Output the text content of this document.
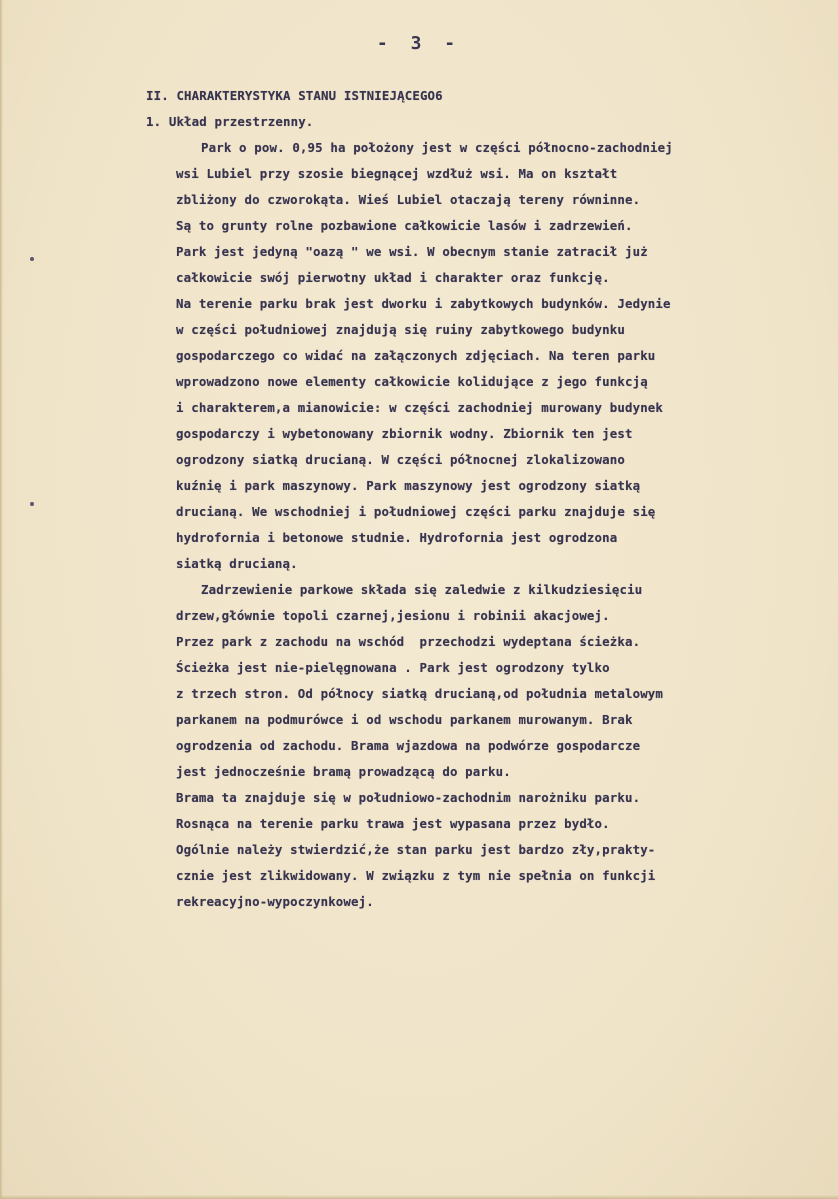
- 3 -

II. CHARAKTERYSTYKA STANU ISTNIEJĄCEGO6

1. Układ przestrzenny.

Park o pow. 0,95 ha położony jest w części północno-zachodniej

wsi Lubiel przy szosie biegnącej wzdłuż wsi. Ma on kształt

zbliżony do czworokąta. Wieś Lubiel otaczają tereny równinne.

Są to grunty rolne pozbawione całkowicie lasów i zadrzewień.

Park jest jedyną "oazą " we wsi. W obecnym stanie zatracił już

całkowicie swój pierwotny układ i charakter oraz funkcję.

Na terenie parku brak jest dworku i zabytkowych budynków. Jedynie

w części południowej znajdują się ruiny zabytkowego budynku

gospodarczego co widać na załączonych zdjęciach. Na teren parku

wprowadzono nowe elementy całkowicie kolidujące z jego funkcją

i charakterem,a mianowicie: w części zachodniej murowany budynek

gospodarczy i wybetonowany zbiornik wodny. Zbiornik ten jest

ogrodzony siatką drucianą. W części północnej zlokalizowano

kuźnię i park maszynowy. Park maszynowy jest ogrodzony siatką

drucianą. We wschodniej i południowej części parku znajduje się

hydrofornia i betonowe studnie. Hydrofornia jest ogrodzona

siatką drucianą.

Zadrzewienie parkowe składa się zaledwie z kilkudziesięciu

drzew,głównie topoli czarnej,jesionu i robinii akacjowej.

Przez park z zachodu na wschód  przechodzi wydeptana ścieżka.

Ścieżka jest nie-pielęgnowana . Park jest ogrodzony tylko

z trzech stron. Od północy siatką drucianą,od południa metalowym

parkanem na podmurówce i od wschodu parkanem murowanym. Brak

ogrodzenia od zachodu. Brama wjazdowa na podwórze gospodarcze

jest jednocześnie bramą prowadzącą do parku.

Brama ta znajduje się w południowo-zachodnim narożniku parku.

Rosnąca na terenie parku trawa jest wypasana przez bydło.

Ogólnie należy stwierdzić,że stan parku jest bardzo zły,prakty-

cznie jest zlikwidowany. W związku z tym nie spełnia on funkcji

rekreacyjno-wypoczynkowej.
